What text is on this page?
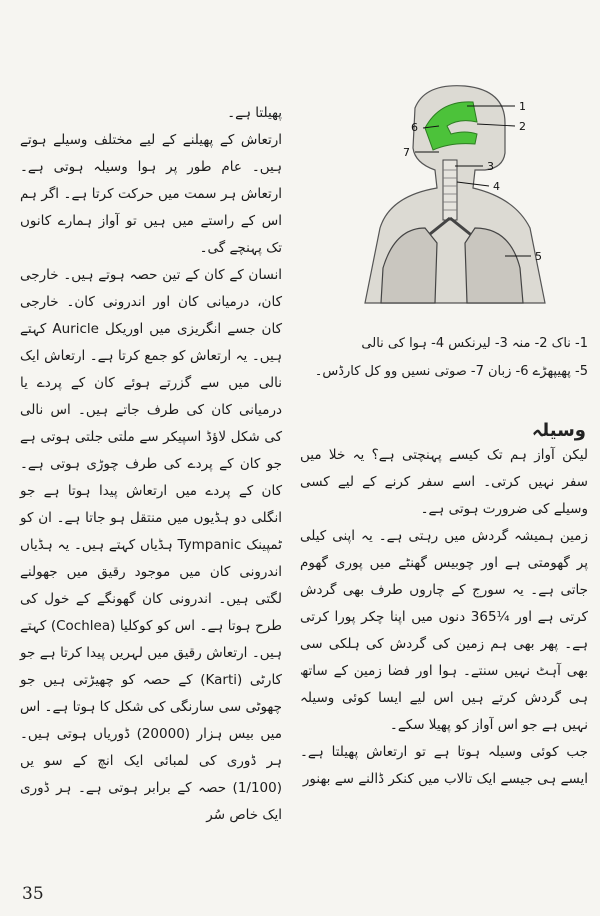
پھیلتا ہے۔

ارتعاش کے پھیلنے کے لیے مختلف وسیلے ہوتے ہیں۔ عام طور پر ہوا وسیلہ ہوتی ہے۔ ارتعاش ہر سمت میں حرکت کرتا ہے۔ اگر ہم اس کے راستے میں ہیں تو آواز ہمارے کانوں تک پہنچے گی۔

انسان کے کان کے تین حصہ ہوتے ہیں۔ خارجی کان، درمیانی کان اور اندرونی کان۔ خارجی کان جسے انگریزی میں اوریکل Auricle کہتے ہیں۔ یہ ارتعاش کو جمع کرتا ہے۔ ارتعاش ایک نالی میں سے گزرتے ہوئے کان کے پردے یا درمیانی کان کی طرف جاتے ہیں۔ اس نالی کی شکل لاؤڈ اسپیکر سے ملتی جلتی ہوتی ہے جو کان کے پردے کی طرف چوڑی ہوتی ہے۔ کان کے پردے میں ارتعاش پیدا ہوتا ہے جو انگلی دو ہڈیوں میں منتقل ہو جاتا ہے۔ ان کو ٹمپینک Tympanic ہڈیاں کہتے ہیں۔ یہ ہڈیاں اندرونی کان میں موجود رقیق میں جھولنے لگتی ہیں۔ اندرونی کان گھونگے کے خول کی طرح ہوتا ہے۔ اس کو کوکلیا (Cochlea) کہتے ہیں۔ ارتعاش رقیق میں لہریں پیدا کرتا ہے جو کارٹی (Karti) کے حصہ کو چھیڑتی ہیں جو چھوٹی سی سارنگی کی شکل کا ہوتا ہے۔ اس میں بیس ہزار (20000) ڈوریاں ہوتی ہیں۔ ہر ڈوری کی لمبائی ایک انچ کے سو یں (1/100) حصہ کے برابر ہوتی ہے۔ ہر ڈوری ایک خاص سُر

1
2
3
4
5
6
7

1- ناک 2- منہ 3- لیرنکس 4- ہوا کی نالی

5- پھیپھڑے 6- زبان 7- صوتی نسیں وو کل کارڈس۔

وسیلہ

لیکن آواز ہم تک کیسے پہنچتی ہے؟ یہ خلا میں سفر نہیں کرتی۔ اسے سفر کرنے کے لیے کسی وسیلے کی ضرورت ہوتی ہے۔

زمین ہمیشہ گردش میں رہتی ہے۔ یہ اپنی کیلی پر گھومتی ہے اور چوبیس گھنٹے میں پوری گھوم جاتی ہے۔ یہ سورج کے چاروں طرف بھی گردش کرتی ہے اور ¼365 دنوں میں اپنا چکر پورا کرتی ہے۔ پھر بھی ہم زمین کی گردش کی ہلکی سی بھی آہٹ نہیں سنتے۔ ہوا اور فضا زمین کے ساتھ ہی گردش کرتے ہیں اس لیے ایسا کوئی وسیلہ نہیں ہے جو اس آواز کو پھیلا سکے۔

جب کوئی وسیلہ ہوتا ہے تو ارتعاش پھیلتا ہے۔ ایسے ہی جیسے ایک تالاب میں کنکر ڈالنے سے بھنور

35
